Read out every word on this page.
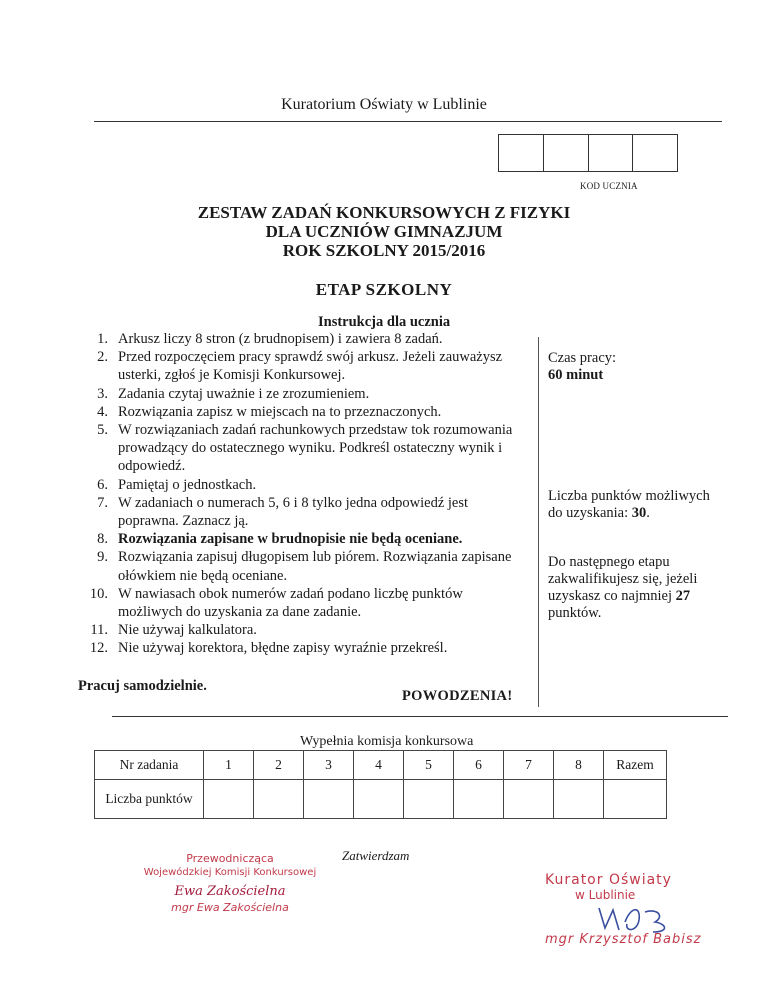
Kuratorium Oświaty w Lublinie
KOD UCZNIA
ZESTAW ZADAŃ KONKURSOWYCH Z FIZYKI
DLA UCZNIÓW GIMNAZJUM
ROK SZKOLNY 2015/2016
ETAP SZKOLNY
Instrukcja dla ucznia
1. Arkusz liczy 8 stron (z brudnopisem) i zawiera 8 zadań.
2. Przed rozpoczęciem pracy sprawdź swój arkusz. Jeżeli zauważysz usterki, zgłoś je Komisji Konkursowej.
3. Zadania czytaj uważnie i ze zrozumieniem.
4. Rozwiązania zapisz w miejscach na to przeznaczonych.
5. W rozwiązaniach zadań rachunkowych przedstaw tok rozumowania prowadzący do ostatecznego wyniku. Podkreśl ostateczny wynik i odpowiedź.
6. Pamiętaj o jednostkach.
7. W zadaniach o numerach 5, 6 i 8 tylko jedna odpowiedź jest poprawna. Zaznacz ją.
8. Rozwiązania zapisane w brudnopisie nie będą oceniane.
9. Rozwiązania zapisuj długopisem lub piórem. Rozwiązania zapisane ołówkiem nie będą oceniane.
10. W nawiasach obok numerów zadań podano liczbę punktów możliwych do uzyskania za dane zadanie.
11. Nie używaj kalkulatora.
12. Nie używaj korektora, błędne zapisy wyraźnie przekreśl.
Czas pracy:
60 minut
Liczba punktów możliwych do uzyskania: 30.
Do następnego etapu zakwalifikujesz się, jeżeli uzyskasz co najmniej 27 punktów.
Pracuj samodzielnie.
POWODZENIA!
Wypełnia komisja konkursowa
Nr zadania	1	2	3	4	5	6	7	8	Razem
Liczba punktów									
Zatwierdzam
Przewodnicząca
Wojewódzkiej Komisji Konkursowej
Ewa Zakościelna
mgr Ewa Zakościelna
Kurator Oświaty
w Lublinie
mgr Krzysztof Babisz
